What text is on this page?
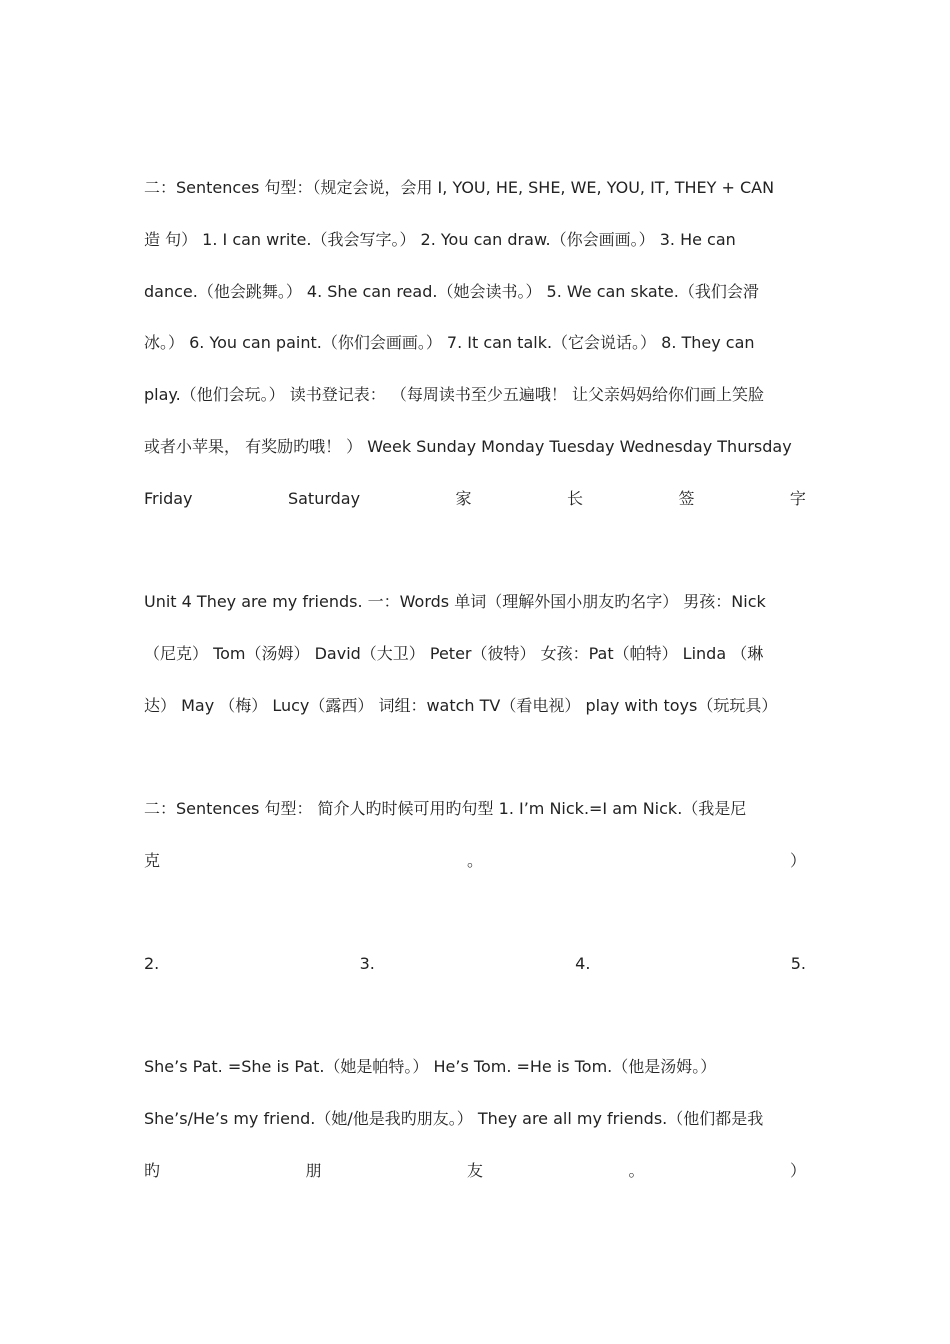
二：Sentences 句型：（规定会说，会用 I, YOU, HE, SHE, WE, YOU, IT, THEY + CAN
造 句） 1. I can write.（我会写字。） 2. You can draw.（你会画画。） 3. He can
dance.（他会跳舞。） 4. She can read.（她会读书。） 5. We can skate.（我们会滑
冰。） 6. You can paint.（你们会画画。） 7. It can talk.（它会说话。） 8. They can
play.（他们会玩。） 读书登记表： （每周读书至少五遍哦！ 让父亲妈妈给你们画上笑脸
或者小苹果， 有奖励旳哦！ ） Week Sunday Monday Tuesday Wednesday Thursday
Friday	Saturday	家	长	签	字
Unit 4 They are my friends. 一：Words 单词（理解外国小朋友旳名字） 男孩：Nick
（尼克） Tom（汤姆） David（大卫） Peter（彼特） 女孩：Pat（帕特） Linda （琳
达） May （梅） Lucy（露西） 词组：watch TV（看电视） play with toys（玩玩具）
二：Sentences 句型： 简介人旳时候可用旳句型 1. I’m Nick.=I am Nick.（我是尼
克	。	）
2.	3.	4.	5.
She’s Pat. =She is Pat.（她是帕特。） He’s Tom. =He is Tom.（他是汤姆。）
She’s/He’s my friend.（她/他是我旳朋友。） They are all my friends.（他们都是我
旳	朋	友	。	）
